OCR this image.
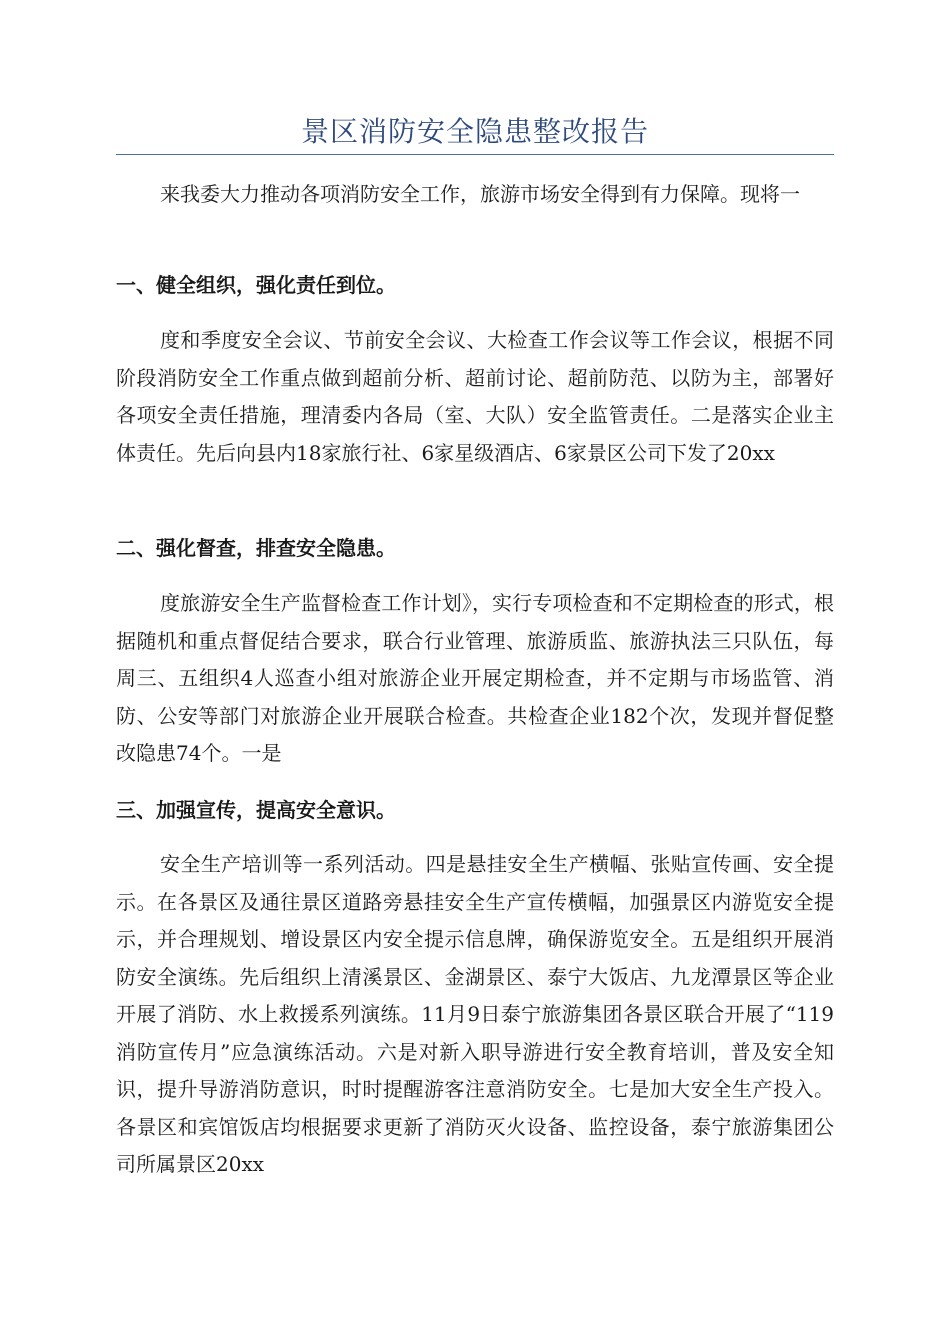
景区消防安全隐患整改报告

来我委大力推动各项消防安全工作，旅游市场安全得到有力保障。现将一

一、健全组织，强化责任到位。

度和季度安全会议、节前安全会议、大检查工作会议等工作会议，根据不同阶段消防安全工作重点做到超前分析、超前讨论、超前防范、以防为主，部署好各项安全责任措施，理清委内各局（室、大队）安全监管责任。二是落实企业主体责任。先后向县内18家旅行社、6家星级酒店、6家景区公司下发了20xx

二、强化督查，排查安全隐患。

度旅游安全生产监督检查工作计划》，实行专项检查和不定期检查的形式，根据随机和重点督促结合要求，联合行业管理、旅游质监、旅游执法三只队伍，每周三、五组织4人巡查小组对旅游企业开展定期检查，并不定期与市场监管、消防、公安等部门对旅游企业开展联合检查。共检查企业182个次，发现并督促整改隐患74个。一是

三、加强宣传，提高安全意识。

安全生产培训等一系列活动。四是悬挂安全生产横幅、张贴宣传画、安全提示。在各景区及通往景区道路旁悬挂安全生产宣传横幅，加强景区内游览安全提示，并合理规划、增设景区内安全提示信息牌，确保游览安全。五是组织开展消防安全演练。先后组织上清溪景区、金湖景区、泰宁大饭店、九龙潭景区等企业开展了消防、水上救援系列演练。11月9日泰宁旅游集团各景区联合开展了“119消防宣传月”应急演练活动。六是对新入职导游进行安全教育培训，普及安全知识，提升导游消防意识，时时提醒游客注意消防安全。七是加大安全生产投入。各景区和宾馆饭店均根据要求更新了消防灭火设备、监控设备，泰宁旅游集团公司所属景区20xx
